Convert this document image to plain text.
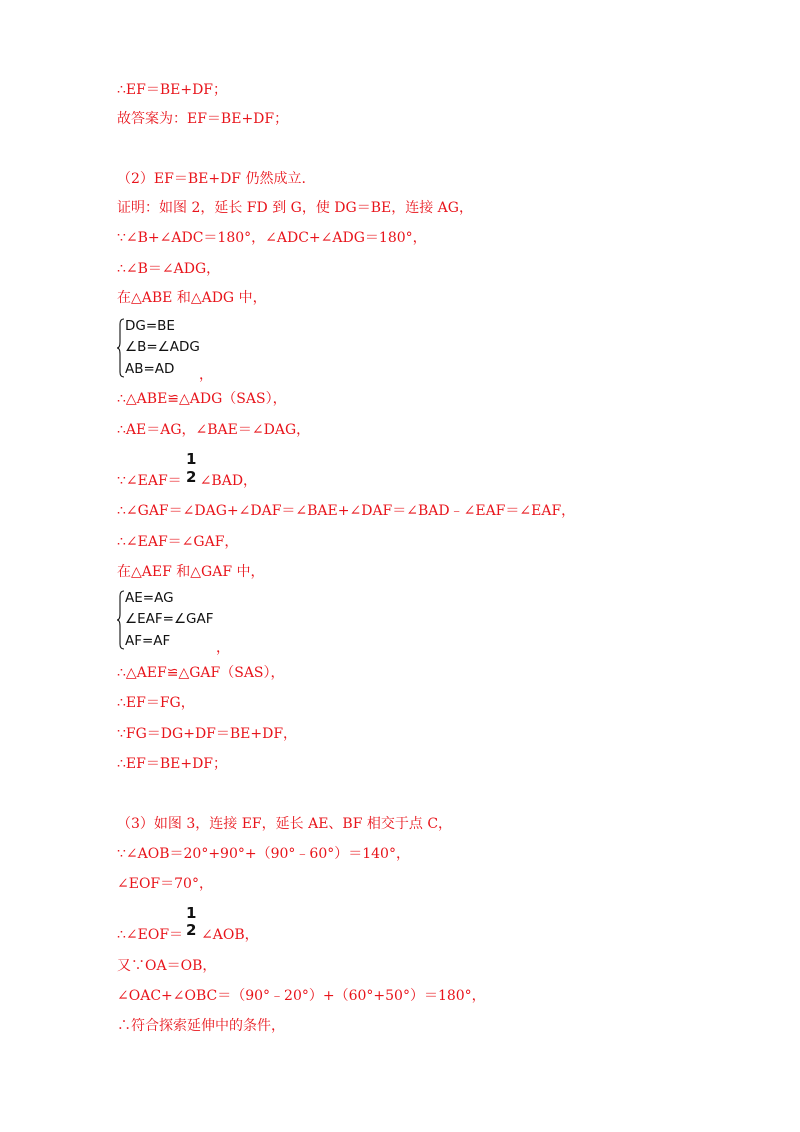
∴EF＝BE+DF；
故答案为：EF＝BE+DF；
（2）EF＝BE+DF 仍然成立.
证明：如图 2，延长 FD 到 G，使 DG＝BE，连接 AG，
∵∠B+∠ADC＝180°，∠ADC+∠ADG＝180°，
∴∠B＝∠ADG，
在△ABE 和△ADG 中，
DG=BE
∠B=∠ADG
AB=AD ，
∴△ABE≌△ADG（SAS），
∴AE＝AG，∠BAE＝∠DAG，
∵∠EAF＝ ∠BAD，
1
2
∴∠GAF＝∠DAG+∠DAF＝∠BAE+∠DAF＝∠BAD﹣∠EAF＝∠EAF，
∴∠EAF＝∠GAF，
在△AEF 和△GAF 中，
AE=AG
∠EAF=∠GAF
AF=AF	，
∴△AEF≌△GAF（SAS），
∴EF＝FG，
∵FG＝DG+DF＝BE+DF，
∴EF＝BE+DF；
（3）如图 3，连接 EF，延长 AE、BF 相交于点 C，
∵∠AOB＝20°+90°+（90°﹣60°）＝140°，
∠EOF＝70°，
∴∠EOF＝ ∠AOB，
1
2
又∵OA＝OB，
∠OAC+∠OBC＝（90°﹣20°）+（60°+50°）＝180°，
∴符合探索延伸中的条件，
